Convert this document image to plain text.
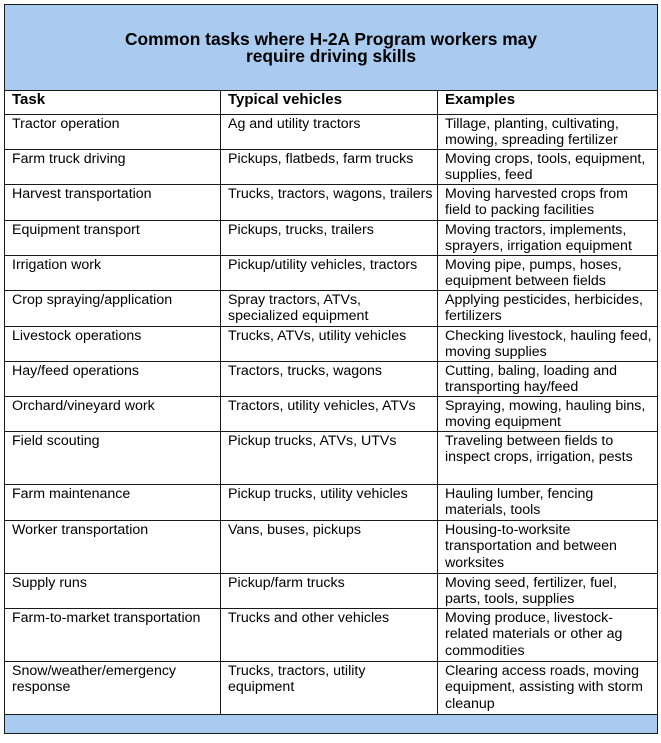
Common tasks where H-2A Program workers may
require driving skills		

Task	Typical vehicles	Examples
Tractor operation	Ag and utility tractors	Tillage, planting, cultivating, mowing, spreading fertilizer
Farm truck driving	Pickups, flatbeds, farm trucks	Moving crops, tools, equipment, supplies, feed
Harvest transportation	Trucks, tractors, wagons, trailers	Moving harvested crops from field to packing facilities
Equipment transport	Pickups, trucks, trailers	Moving tractors, implements, sprayers, irrigation equipment
Irrigation work	Pickup/utility vehicles, tractors	Moving pipe, pumps, hoses, equipment between fields
Crop spraying/application	Spray tractors, ATVs, specialized equipment	Applying pesticides, herbicides, fertilizers
Livestock operations	Trucks, ATVs, utility vehicles	Checking livestock, hauling feed, moving supplies
Hay/feed operations	Tractors, trucks, wagons	Cutting, baling, loading and transporting hay/feed
Orchard/vineyard work	Tractors, utility vehicles, ATVs	Spraying, mowing, hauling bins, moving equipment
Field scouting	Pickup trucks, ATVs, UTVs	Traveling between fields to inspect crops, irrigation, pests
Farm maintenance	Pickup trucks, utility vehicles	Hauling lumber, fencing materials, tools
Worker transportation	Vans, buses, pickups	Housing-to-worksite transportation and between worksites
Supply runs	Pickup/farm trucks	Moving seed, fertilizer, fuel, parts, tools, supplies
Farm-to-market transportation	Trucks and other vehicles	Moving produce, livestock-related materials or other ag commodities
Snow/weather/emergency response	Trucks, tractors, utility equipment	Clearing access roads, moving equipment, assisting with storm cleanup
